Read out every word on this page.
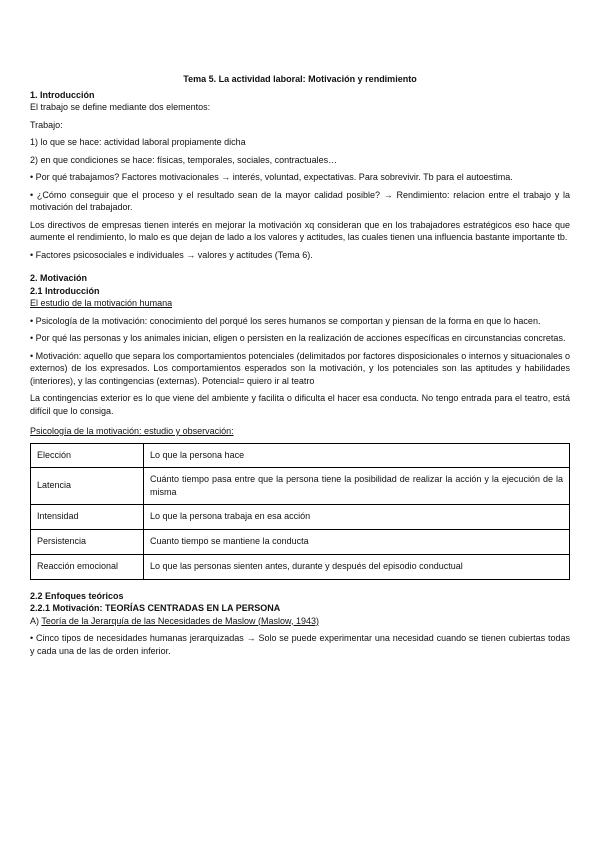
Tema 5. La actividad laboral: Motivación y rendimiento
1. Introducción

El trabajo se define mediante dos elementos:

Trabajo:

1) lo que se hace: actividad laboral propiamente dicha

2) en que condiciones se hace: físicas, temporales, sociales, contractuales…

• Por qué trabajamos? Factores motivacionales → interés, voluntad, expectativas. Para sobrevivir. Tb para el autoestima.

• ¿Cómo conseguir que el proceso y el resultado sean de la mayor calidad posible? → Rendimiento: relacion entre el trabajo y la motivación del trabajador.

Los directivos de empresas tienen interés en mejorar la motivación xq consideran que en los trabajadores estratégicos eso hace que aumente el rendimiento, lo malo es que dejan de lado a los valores y actitudes, las cuales tienen una influencia bastante importante tb.

• Factores psicosociales e individuales → valores y actitudes (Tema 6).

2. Motivación
2.1 Introducción

El estudio de la motivación humana

• Psicología de la motivación: conocimiento del porqué los seres humanos se comportan y piensan de la forma en que lo hacen.

• Por qué las personas y los animales inician, eligen o persisten en la realización de acciones específicas en circunstancias concretas.

• Motivación: aquello que separa los comportamientos potenciales (delimitados por factores disposicionales o internos y situacionales o externos) de los expresados. Los comportamientos esperados son la motivación, y los potenciales son las aptitudes y habilidades (interiores), y las contingencias (externas). Potencial= quiero ir al teatro

La contingencias exterior es lo que viene del ambiente y facilita o dificulta el hacer esa conducta. No tengo entrada para el teatro, está difícil que lo consiga.

Psicología de la motivación: estudio y observación:

Elección	Lo que la persona hace
Latencia	Cuánto tiempo pasa entre que la persona tiene la posibilidad de realizar la acción y la ejecución de la misma
Intensidad	Lo que la persona trabaja en esa acción
Persistencia	Cuanto tiempo se mantiene la conducta
Reacción emocional	Lo que las personas sienten antes, durante y después del episodio conductual
2.2 Enfoques teóricos
2.2.1 Motivación: TEORÍAS CENTRADAS EN LA PERSONA

A) Teoría de la Jerarquía de las Necesidades de Maslow (Maslow, 1943)

• Cinco tipos de necesidades humanas jerarquizadas → Solo se puede experimentar una necesidad cuando se tienen cubiertas todas y cada una de las de orden inferior.
